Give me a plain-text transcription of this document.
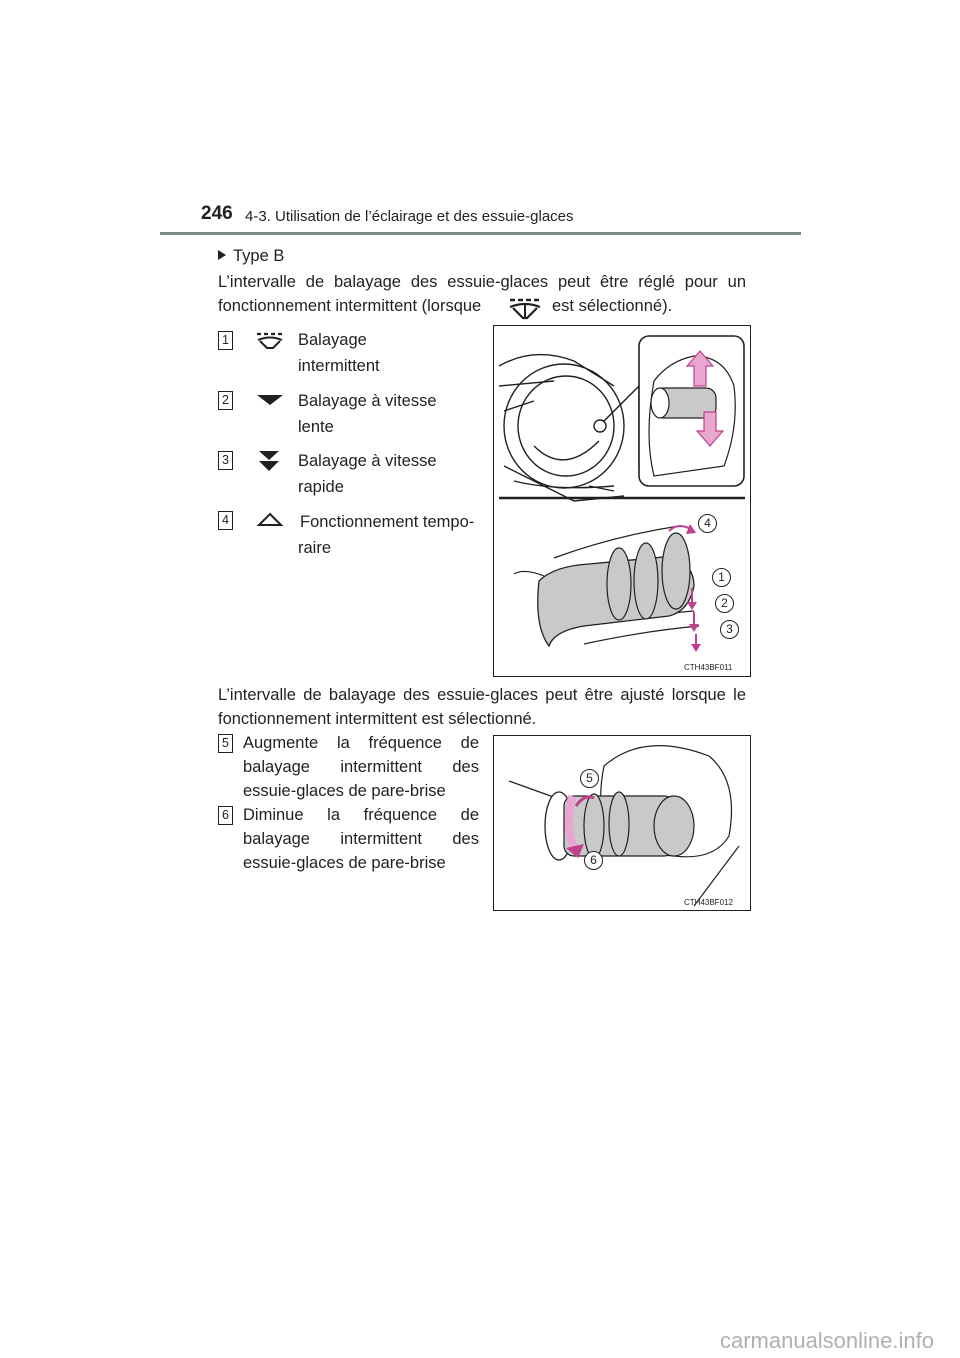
246 4-3. Utilisation de l’éclairage et des essuie-glaces
Type B
L’intervalle de balayage des essuie-glaces peut être réglé pour un
fonctionnement intermittent (lorsque	est sélectionné).
1	Balayage
intermittent
2	Balayage à vitesse
lente
3	Balayage à vitesse
rapide
4	Fonctionnement tempo-
raire
4
1
2
3
CTH43BF011
L’intervalle de balayage des essuie-glaces peut être ajusté lorsque le
fonctionnement intermittent est sélectionné.
5 Augmente la fréquence de
balayage intermittent des
essuie-glaces de pare-brise
6 Diminue la fréquence de
balayage intermittent des
essuie-glaces de pare-brise
5
6
CTH43BF012
carmanualsonline.info
